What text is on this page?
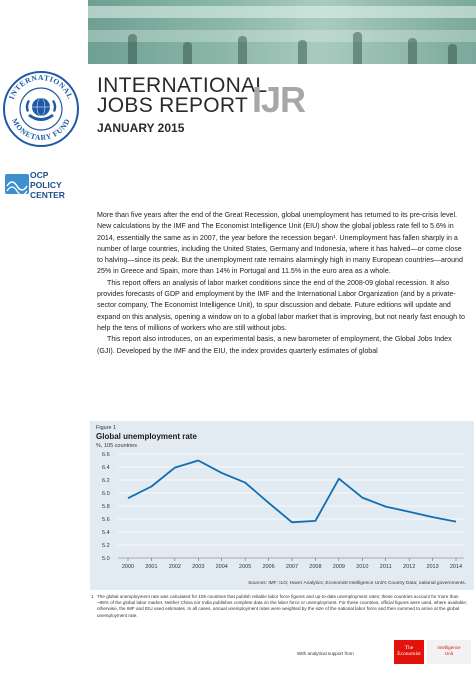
INTERNATIONAL
MONETARY FUND
OCP
POLICY
CENTER
INTERNATIONAL
JOBS REPORT IJR
JANUARY 2015

More than five years after the end of the Great Recession, global unemployment has returned to its pre-crisis level. New calculations by the IMF and The Economist Intelligence Unit (EIU) show the global jobless rate fell to 5.6% in 2014, essentially the same as in 2007, the year before the recession began¹. Unemployment has fallen sharply in a number of large countries, including the United States, Germany and Indonesia, where it has halved—or come close to halving—since its peak. But the unemployment rate remains alarmingly high in many European countries—around 25% in Greece and Spain, more than 14% in Portugal and 11.5% in the euro area as a whole.

This report offers an analysis of labor market conditions since the end of the 2008-09 global recession. It also provides forecasts of GDP and employment by the IMF and the International Labor Organization (and by a private-sector company, The Economist Intelligence Unit), to spur discussion and debate. Future editions will update and expand on this analysis, opening a window on to a global labor market that is improving, but not nearly fast enough to help the tens of millions of workers who are still without jobs.

This report also introduces, on an experimental basis, a new barometer of employment, the Global Jobs Index (GJI). Developed by the IMF and the EIU, the index provides quarterly estimates of global

Figure 1
Global unemployment rate
%, 105 countries
5.0
5.2
5.4
5.6
5.8
6.0
6.2
6.4
6.6
2000 2001 2002 2003 2004 2005 2006 2007 2008 2009 2010 2011 2012 2013 2014
Sources: IMF; ILO; Haver Analytics; Economist Intelligence Unit's Country Data; national governments.
1 The global unemployment rate was calculated for 105 countries that publish reliable labor force figures and up-to-date unemployment rates; these countries account for more than ~95% of the global labor market. Neither China nor India publishes complete data on the labor force or unemployment. For these countries, official figures were used, where available; otherwise, the IMF and EIU used estimates. In all cases, annual unemployment rates were weighted by the size of the national labor force and then summed to arrive at the global unemployment rate.
With analytical support from
The
Economist
Intelligence
Unit
